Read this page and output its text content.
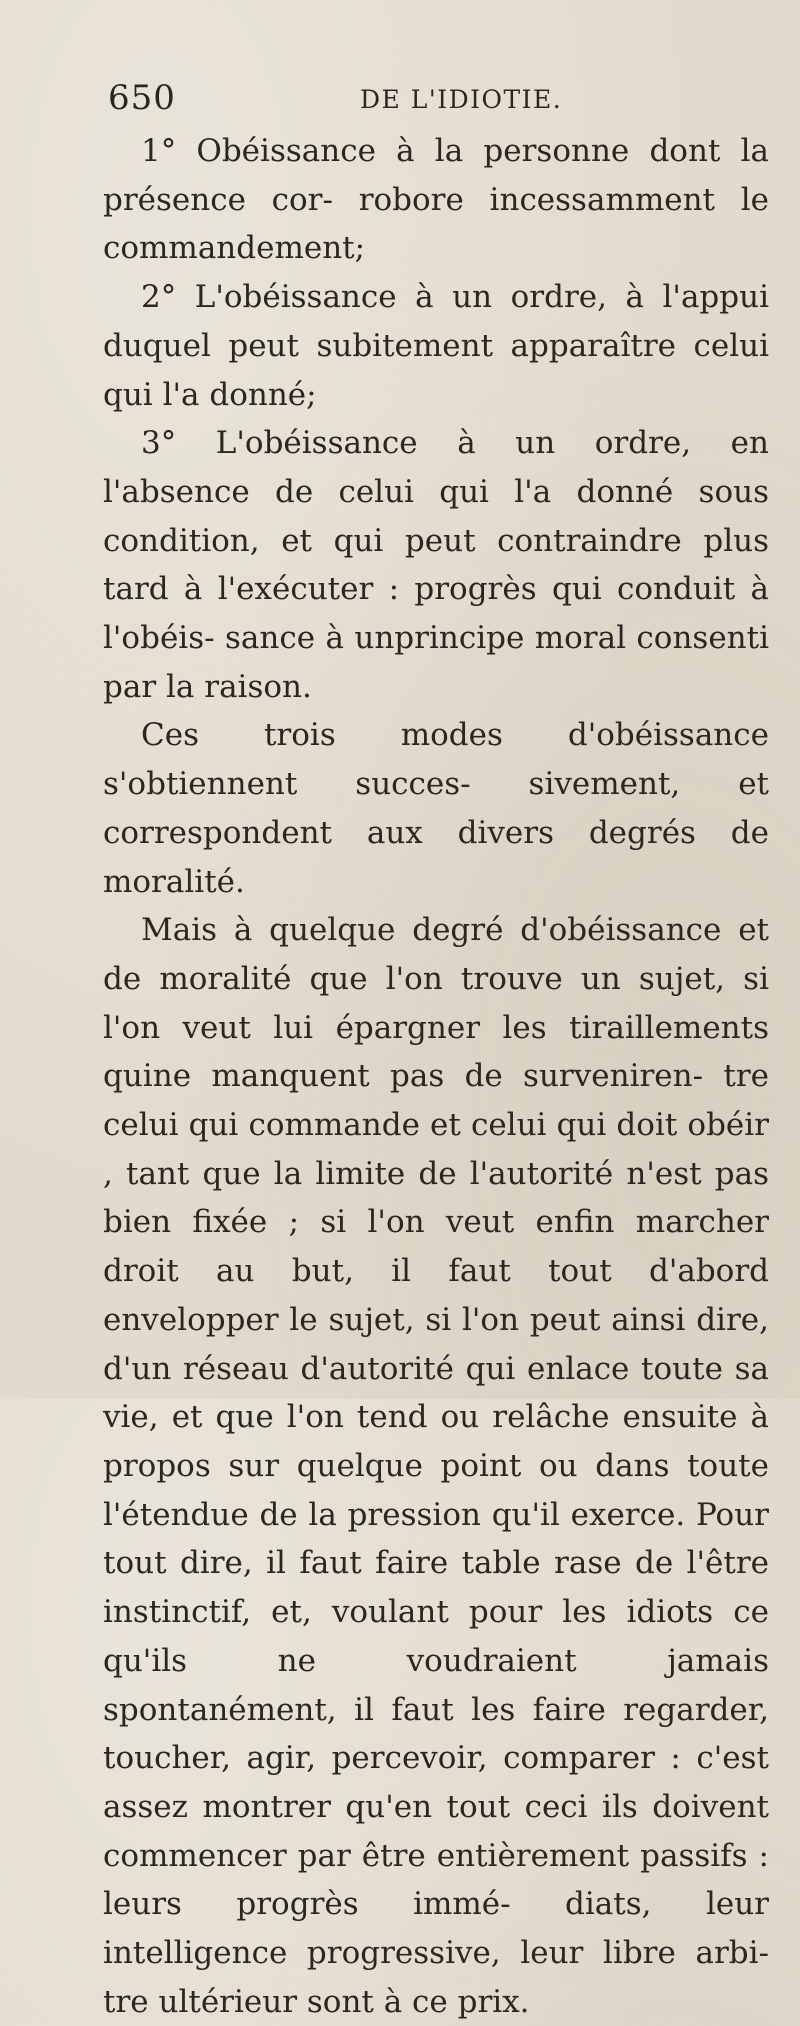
650	DE L'IDIOTIE.

1° Obéissance à la personne dont la présence cor- robore incessamment le commandement;

2° L'obéissance à un ordre, à l'appui duquel peut subitement apparaître celui qui l'a donné;

3° L'obéissance à un ordre, en l'absence de celui qui l'a donné sous condition, et qui peut contraindre plus tard à l'exécuter : progrès qui conduit à l'obéis- sance à unprincipe moral consenti par la raison.

Ces trois modes d'obéissance s'obtiennent succes- sivement, et correspondent aux divers degrés de moralité.

Mais à quelque degré d'obéissance et de moralité que l'on trouve un sujet, si l'on veut lui épargner les tiraillements quine manquent pas de surveniren- tre celui qui commande et celui qui doit obéir , tant que la limite de l'autorité n'est pas bien fixée ; si l'on veut enfin marcher droit au but, il faut tout d'abord envelopper le sujet, si l'on peut ainsi dire, d'un réseau d'autorité qui enlace toute sa vie, et que l'on tend ou relâche ensuite à propos sur quelque point ou dans toute l'étendue de la pression qu'il exerce. Pour tout dire, il faut faire table rase de l'être instinctif, et, voulant pour les idiots ce qu'ils ne voudraient jamais spontanément, il faut les faire regarder, toucher, agir, percevoir, comparer : c'est assez montrer qu'en tout ceci ils doivent commencer par être entièrement passifs : leurs progrès immé- diats, leur intelligence progressive, leur libre arbi- tre ultérieur sont à ce prix.
